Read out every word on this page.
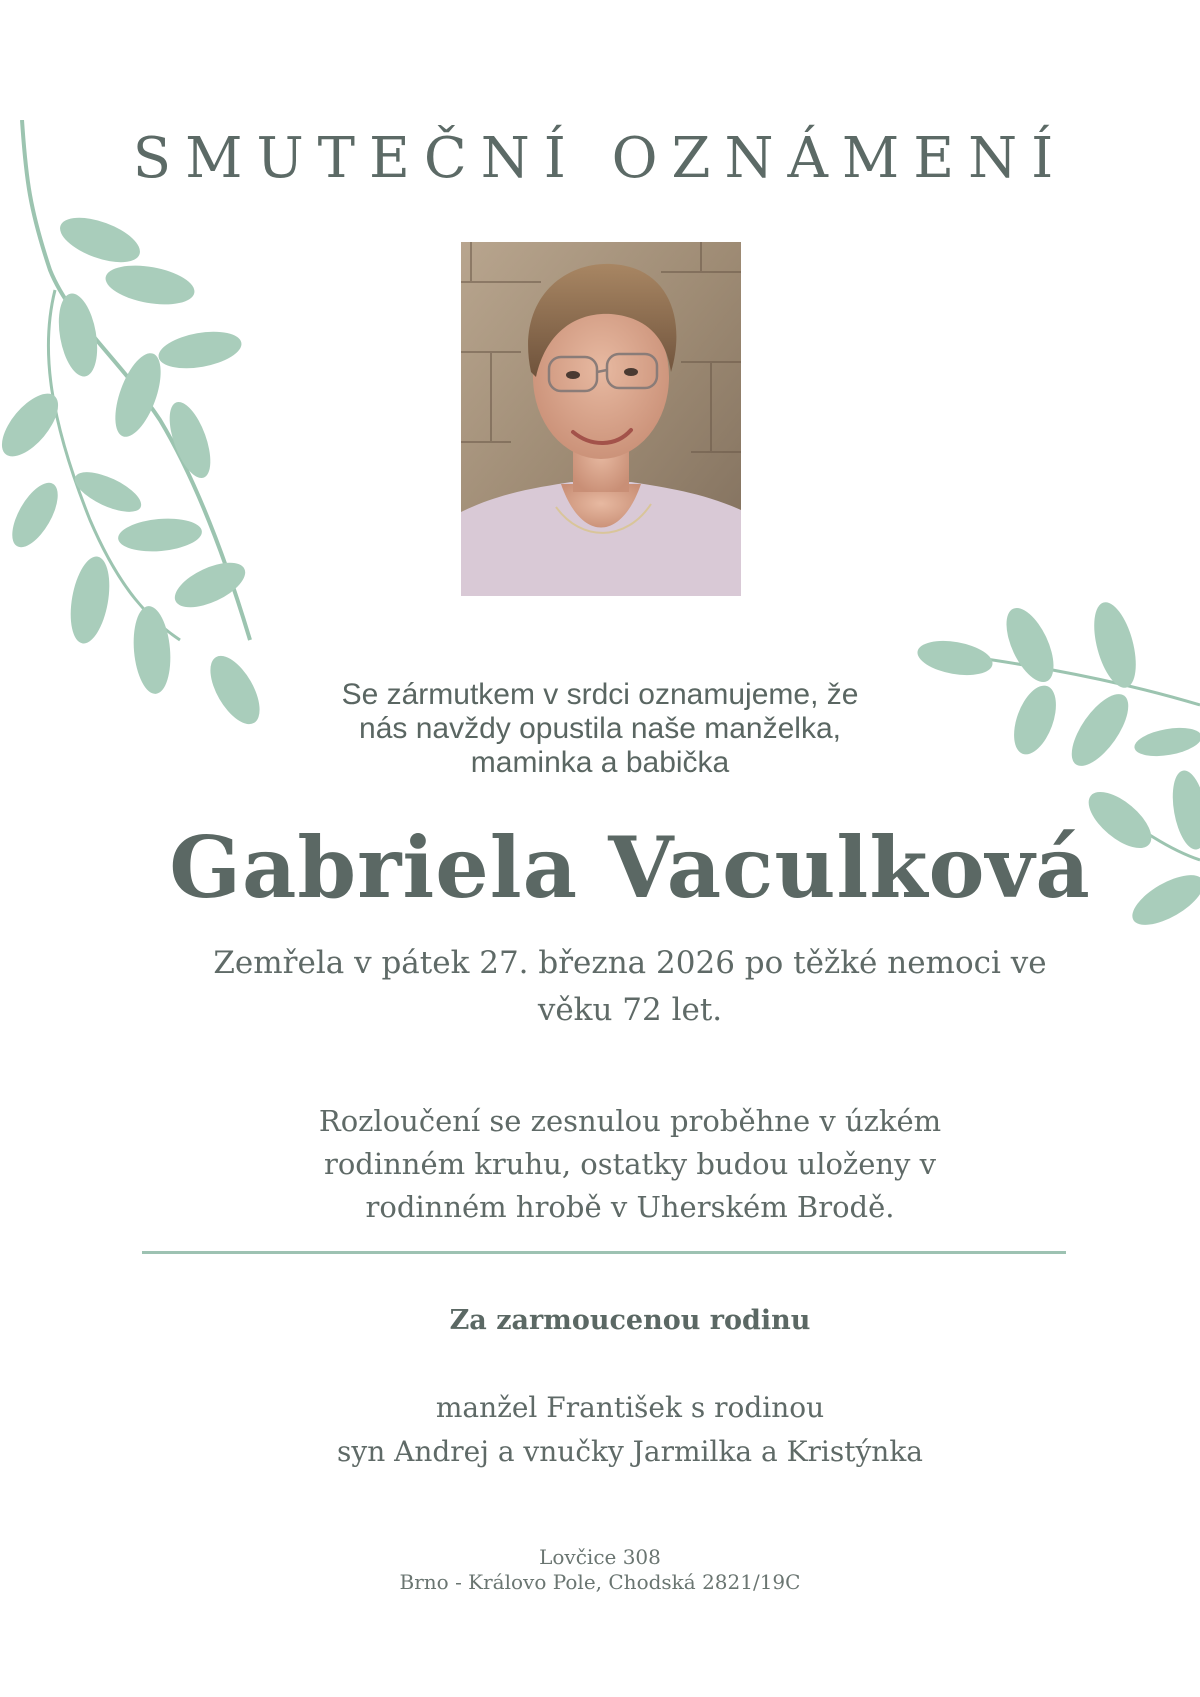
SMUTEČNÍ OZNÁMENÍ
Se zármutkem v srdci oznamujeme, že
nás navždy opustila naše manželka,
maminka a babička
Gabriela Vaculková
Zemřela v pátek 27. března 2026 po těžké nemoci ve
věku 72 let.
Rozloučení se zesnulou proběhne v úzkém
rodinném kruhu, ostatky budou uloženy v
rodinném hrobě v Uherském Brodě.
Za zarmoucenou rodinu
manžel František s rodinou
syn Andrej a vnučky Jarmilka a Kristýnka
Lovčice 308
Brno - Královo Pole, Chodská 2821/19C
